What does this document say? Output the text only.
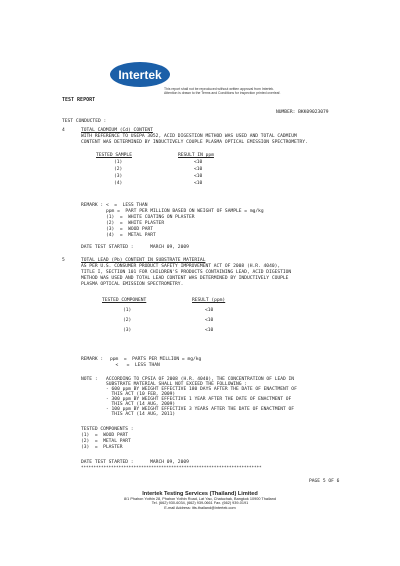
Intertek
This report shall not be reproduced without written approval from Intertek.
Attention is drawn to the Terms and Conditions for inspection printed overleaf.
TEST REPORT
NUMBER: BKK09023079
TEST CONDUCTED :
4	TOTAL CADMIUM (Cd) CONTENT
WITH REFERENCE TO USEPA 3052, ACID DIGESTION METHOD WAS USED AND TOTAL CADMIUM
CONTENT WAS DETERMINED BY INDUCTIVELY COUPLE PLASMA OPTICAL EMISSION SPECTROMETRY.
TESTED SAMPLE	RESULT IN ppm
(1)	<10
(2)	<10
(3)	<10
(4)	<10
REMARK : <  =  LESS THAN
ppm =  PART PER MILLION BASED ON WEIGHT OF SAMPLE = mg/kg
(1)  =  WHITE COATING ON PLASTER
(2)  =  WHITE PLASTER
(3)  =  WOOD PART
(4)  =  METAL PART
DATE TEST STARTED :      MARCH 09, 2009
5	TOTAL LEAD (Pb) CONTENT IN SUBSTRATE MATERIAL
AS PER U.S. CONSUMER PRODUCT SAFETY IMPROVEMENT ACT OF 2008 (H.R. 4040),
TITLE I, SECTION 101 FOR CHILDREN'S PRODUCTS CONTAINING LEAD, ACID DIGESTION
METHOD WAS USED AND TOTAL LEAD CONTENT WAS DETERMINED BY INDUCTIVELY COUPLE
PLASMA OPTICAL EMISSION SPECTROMETRY.
TESTED COMPONENT	RESULT (ppm)
(1)	<10
(2)	<10
(3)	<10
REMARK : ppm  =  PARTS PER MILLION = mg/kg
<   =  LESS THAN
NOTE : ACCORDING TO CPSIA OF 2008 (H.R. 4040), THE CONCENTRATION OF LEAD IN
SUBSTRATE MATERIAL SHALL NOT EXCEED THE FOLLOWING :
- 600 ppm BY WEIGHT EFFECTIVE 180 DAYS AFTER THE DATE OF ENACTMENT OF
THIS ACT (10 FEB, 2009)
- 300 ppm BY WEIGHT EFFECTIVE 1 YEAR AFTER THE DATE OF ENACTMENT OF
THIS ACT (14 AUG, 2009)
- 100 ppm BY WEIGHT EFFECTIVE 3 YEARS AFTER THE DATE OF ENACTMENT OF
THIS ACT (14 AUG, 2011)
TESTED COMPONENTS :
(1)  =  WOOD PART
(2)  =  METAL PART
(3)  =  PLASTER
DATE TEST STARTED :      MARCH 09, 2009
************************************************************************
PAGE 5 OF 6
Intertek Testing Services (Thailand) Limited
8/1 Phahon Yothin 28, Phahon Yothin Road, Lat Yao, Chatuchak, Bangkok 10900 Thailand
Tel. (662) 930-6034, (662) 939-0661 Fax. (662) 939-0191
E-mail Address: itts.thailand@intertek.com
